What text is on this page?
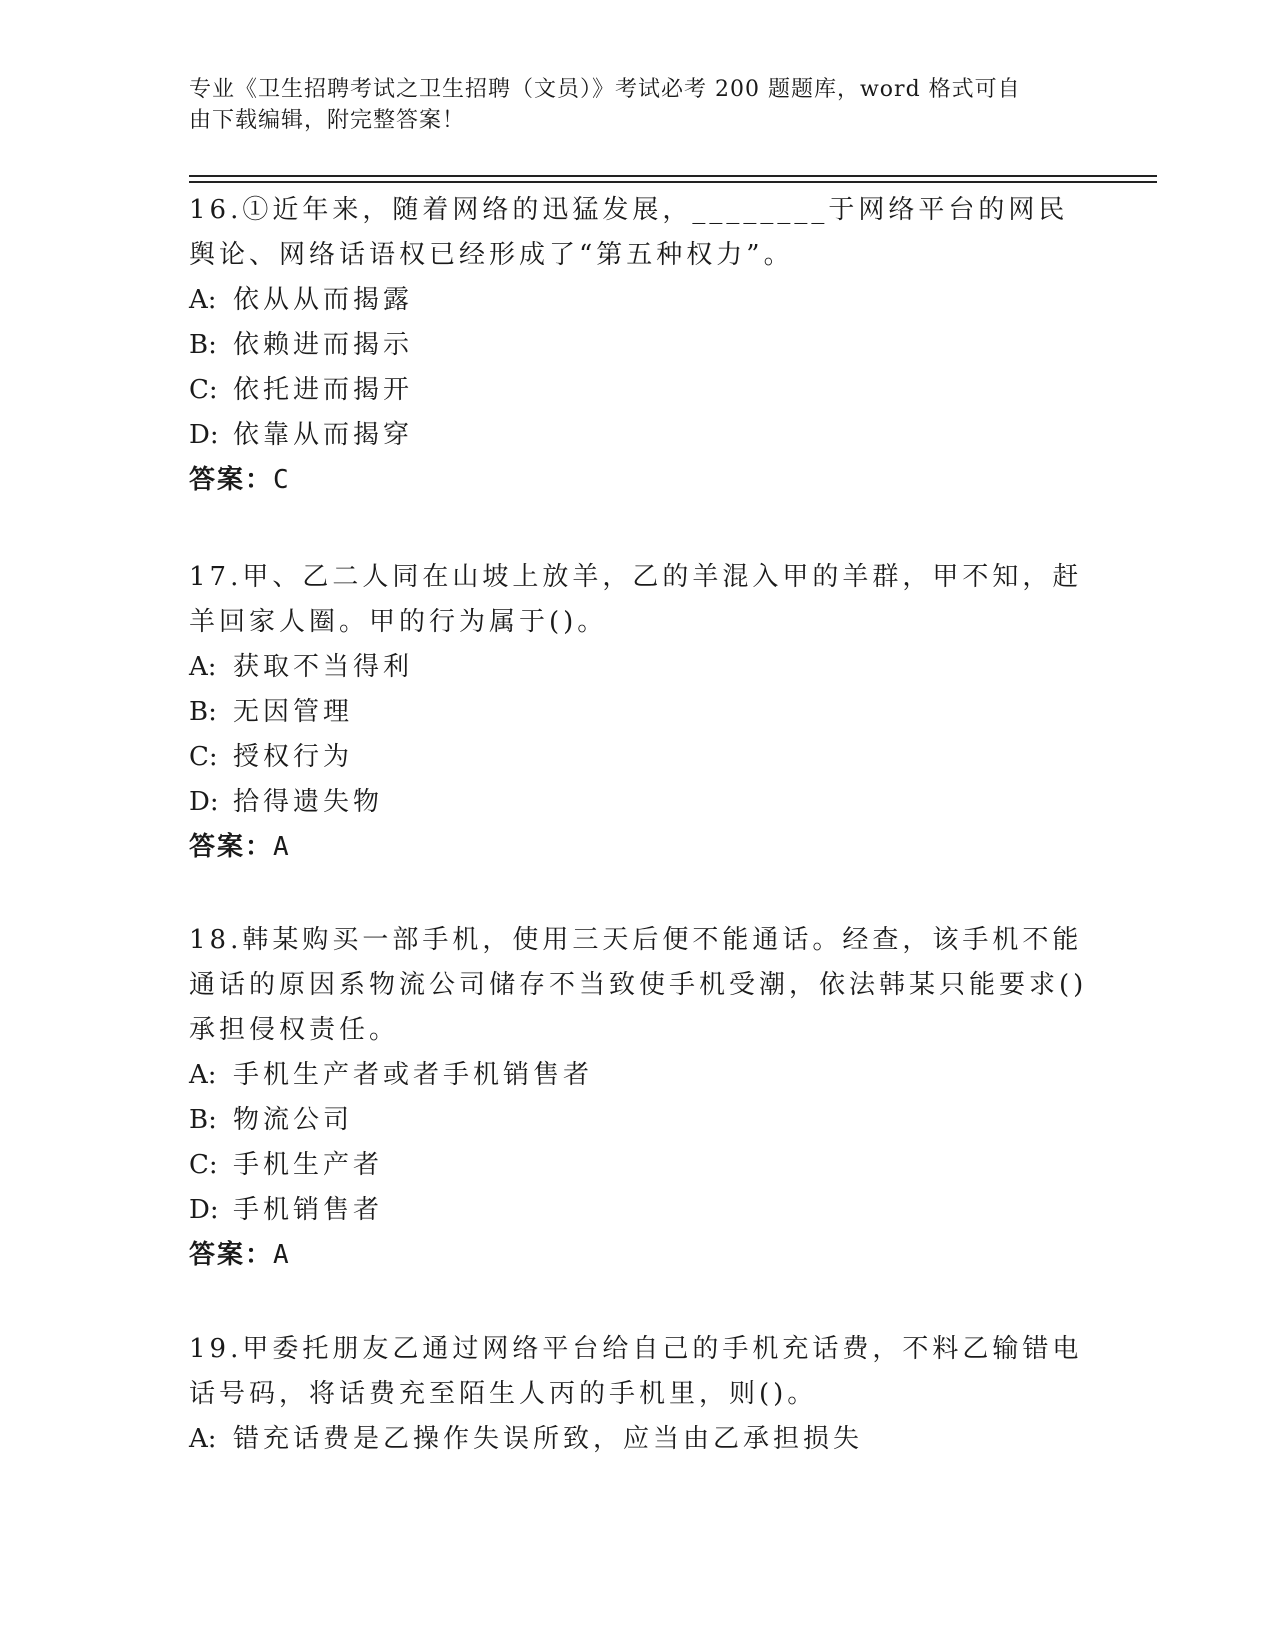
专业《卫生招聘考试之卫生招聘（文员）》考试必考 200 题题库，word 格式可自
由下载编辑，附完整答案！

16.①近年来，随着网络的迅猛发展，________于网络平台的网民舆论、网络话语权已经形成了“第五种权力”。

A: 依从从而揭露

B: 依赖进而揭示

C: 依托进而揭开

D: 依靠从而揭穿

答案：C

17.甲、乙二人同在山坡上放羊，乙的羊混入甲的羊群，甲不知，赶羊回家人圈。甲的行为属于()。

A: 获取不当得利

B: 无因管理

C: 授权行为

D: 拾得遗失物

答案：A

18.韩某购买一部手机，使用三天后便不能通话。经查，该手机不能通话的原因系物流公司储存不当致使手机受潮，依法韩某只能要求()承担侵权责任。

A: 手机生产者或者手机销售者

B: 物流公司

C: 手机生产者

D: 手机销售者

答案：A

19.甲委托朋友乙通过网络平台给自己的手机充话费，不料乙输错电话号码，将话费充至陌生人丙的手机里，则()。

A: 错充话费是乙操作失误所致，应当由乙承担损失
